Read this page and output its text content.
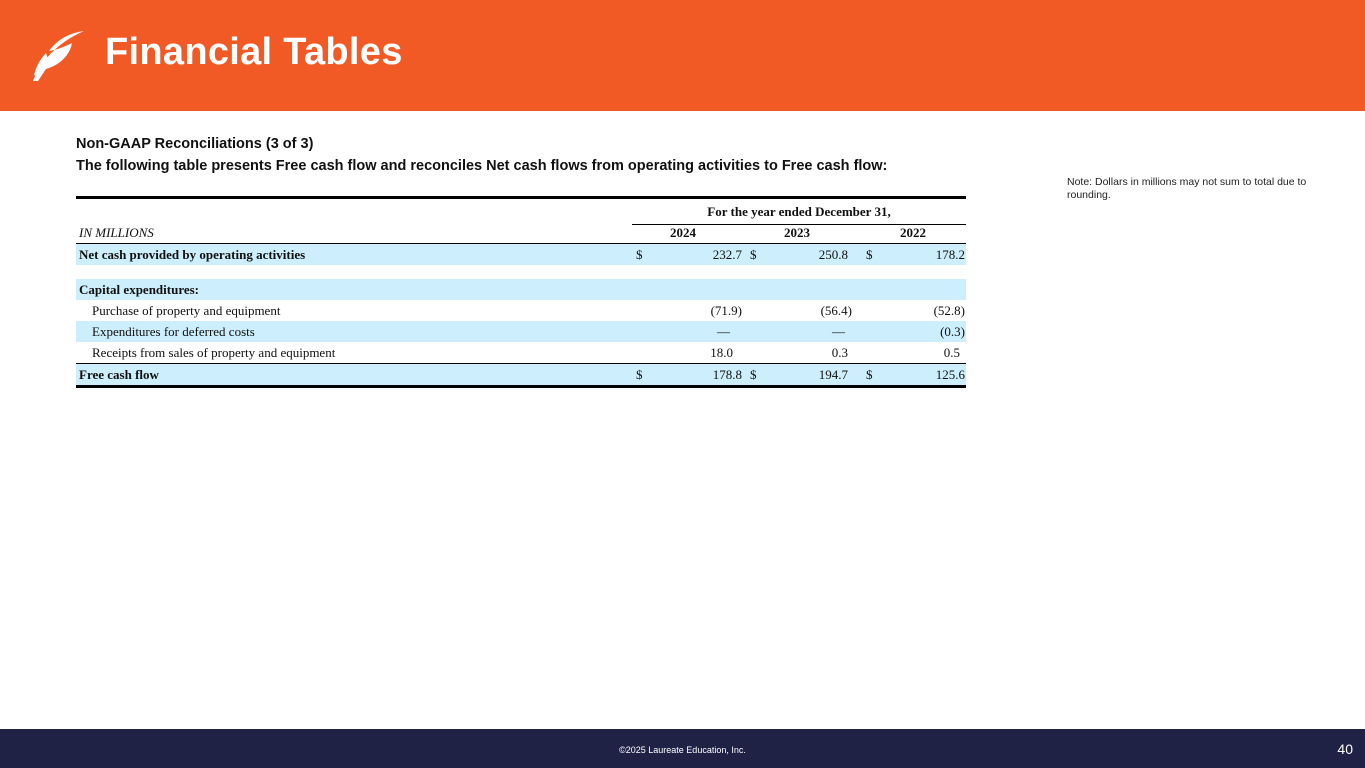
Financial Tables
Non-GAAP Reconciliations (3 of 3)
The following table presents Free cash flow and reconciles Net cash flows from operating activities to Free cash flow:
Note: Dollars in millions may not sum to total due to rounding.
For the year ended December 31,
IN MILLIONS	2024	2023	2022
Net cash provided by operating activities	$	232.7 $	250.8 $	178.2
Capital expenditures:
Purchase of property and equipment	(71.9)	(56.4)	(52.8)
Expenditures for deferred costs	—	—	(0.3)
Receipts from sales of property and equipment	18.0	0.3	0.5
Free cash flow	$	178.8 $	194.7 $	125.6
©2025 Laureate Education, Inc.	40
